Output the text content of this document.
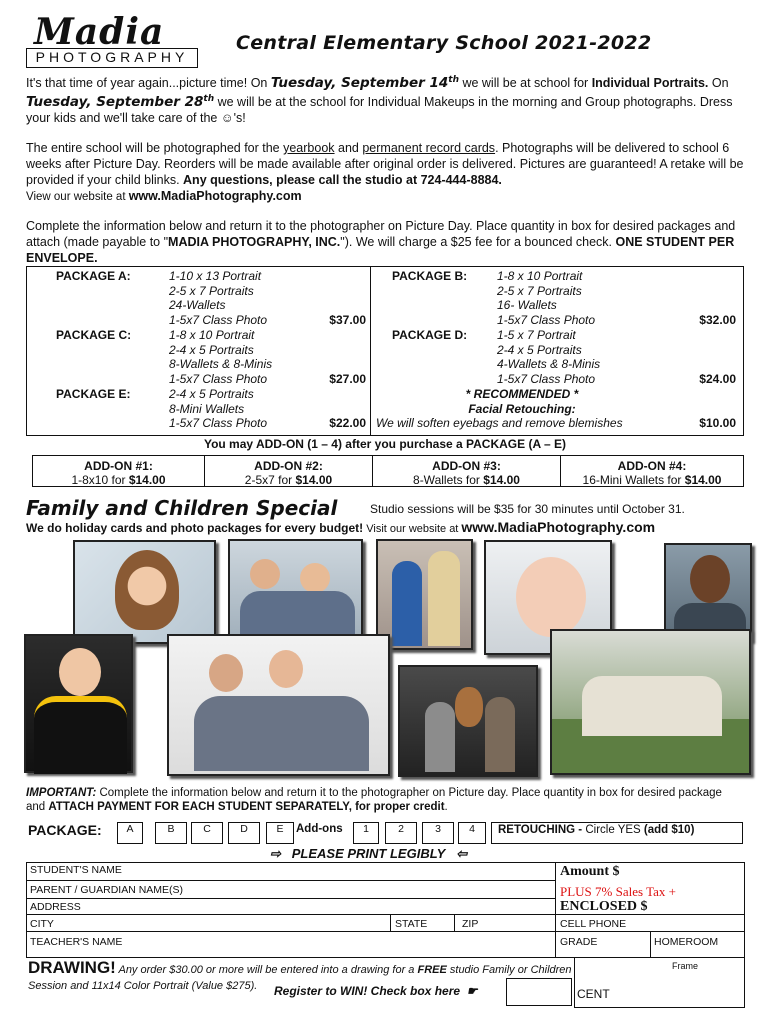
Madia
PHOTOGRAPHY
Central Elementary School 2021-2022
It's that time of year again...picture time! On Tuesday, September 14th we will be at school for Individual Portraits. On Tuesday, September 28th we will be at the school for Individual Makeups in the morning and Group photographs. Dress your kids and we'll take care of the ☺'s!
The entire school will be photographed for the yearbook and permanent record cards. Photographs will be delivered to school 6 weeks after Picture Day. Reorders will be made available after original order is delivered. Pictures are guaranteed! A retake will be provided if your child blinks. Any questions, please call the studio at 724-444-8884.
View our website at www.MadiaPhotography.com
Complete the information below and return it to the photographer on Picture Day. Place quantity in box for desired packages and attach (made payable to "MADIA PHOTOGRAPHY, INC."). We will charge a $25 fee for a bounced check. ONE STUDENT PER ENVELOPE.
PACKAGE A:	1-10 x 13 Portrait
2-5 x 7 Portraits
24-Wallets
1-5x7 Class Photo	$37.00
PACKAGE B: 1-8 x 10 Portrait
2-5 x 7 Portraits
16- Wallets
1-5x7 Class Photo	$32.00
PACKAGE C:	1-8 x 10 Portrait
2-4 x 5 Portraits
8-Wallets & 8-Minis
1-5x7 Class Photo	$27.00
PACKAGE D: 1-5 x 7 Portrait
2-4 x 5 Portraits
4-Wallets & 8-Minis
1-5x7 Class Photo	$24.00
PACKAGE E:	2-4 x 5 Portraits
8-Mini Wallets
1-5x7 Class Photo	$22.00
* RECOMMENDED *
Facial Retouching:
We will soften eyebags and remove blemishes	$10.00
You may ADD-ON (1 – 4) after you purchase a PACKAGE (A – E)
ADD-ON #1:
1-8x10 for $14.00
ADD-ON #2:
2-5x7 for $14.00
ADD-ON #3:
8-Wallets for $14.00
ADD-ON #4:
16-Mini Wallets for $14.00
Family and Children Special	Studio sessions will be $35 for 30 minutes until October 31.
We do holiday cards and photo packages for every budget! Visit our website at www.MadiaPhotography.com
IMPORTANT: Complete the information below and return it to the photographer on Picture day. Place quantity in box for desired package and ATTACH PAYMENT FOR EACH STUDENT SEPARATELY, for proper credit.
PACKAGE:	A	B	C	D	E	Add-ons	1	2	3	4	RETOUCHING - Circle YES (add $10)
⇨ PLEASE PRINT LEGIBLY ⇦
STUDENT'S NAME
PARENT / GUARDIAN NAME(S)
ADDRESS
CITY	STATE	ZIP
TEACHER'S NAME
Amount $
PLUS 7% Sales Tax +
ENCLOSED $
CELL PHONE
GRADE	HOMEROOM
DRAWING! Any order $30.00 or more will be entered into a drawing for a FREE studio Family or Children Session and 11x14 Color Portrait (Value $275).	Register to WIN! Check box here ☛
Frame
CENT
